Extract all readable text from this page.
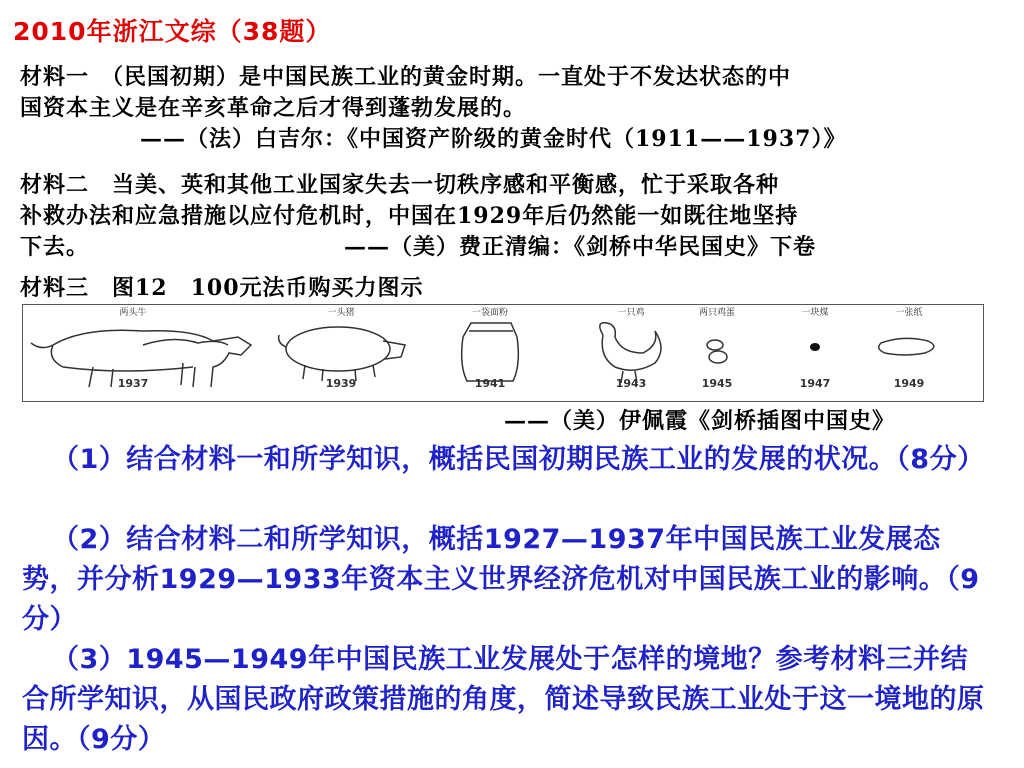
2010年浙江文综（38题）
材料一　（民国初期）是中国民族工业的黄金时期。一直处于不发达状态的中
国资本主义是在辛亥革命之后才得到蓬勃发展的。
——（法）白吉尔：《中国资产阶级的黄金时代（1911——1937）》
材料二　当美、英和其他工业国家失去一切秩序感和平衡感，忙于采取各种
补救办法和应急措施以应付危机时，中国在1929年后仍然能一如既往地坚持
下去。	——（美）费正清编：《剑桥中华民国史》下卷
材料三　图12　100元法币购买力图示
两头牛
1937
一头猪
1939
一袋面粉
1941
一只鸡
1943
两只鸡蛋
1945
一块煤
1947
一张纸
1949
——（美）伊佩霞《剑桥插图中国史》

（1）结合材料一和所学知识，概括民国初期民族工业的发展的状况。（8分）

（2）结合材料二和所学知识，概括1927—1937年中国民族工业发展态势，并分析1929—1933年资本主义世界经济危机对中国民族工业的影响。（9分）

（3）1945—1949年中国民族工业发展处于怎样的境地？参考材料三并结合所学知识，从国民政府政策措施的角度，简述导致民族工业处于这一境地的原因。（9分）
